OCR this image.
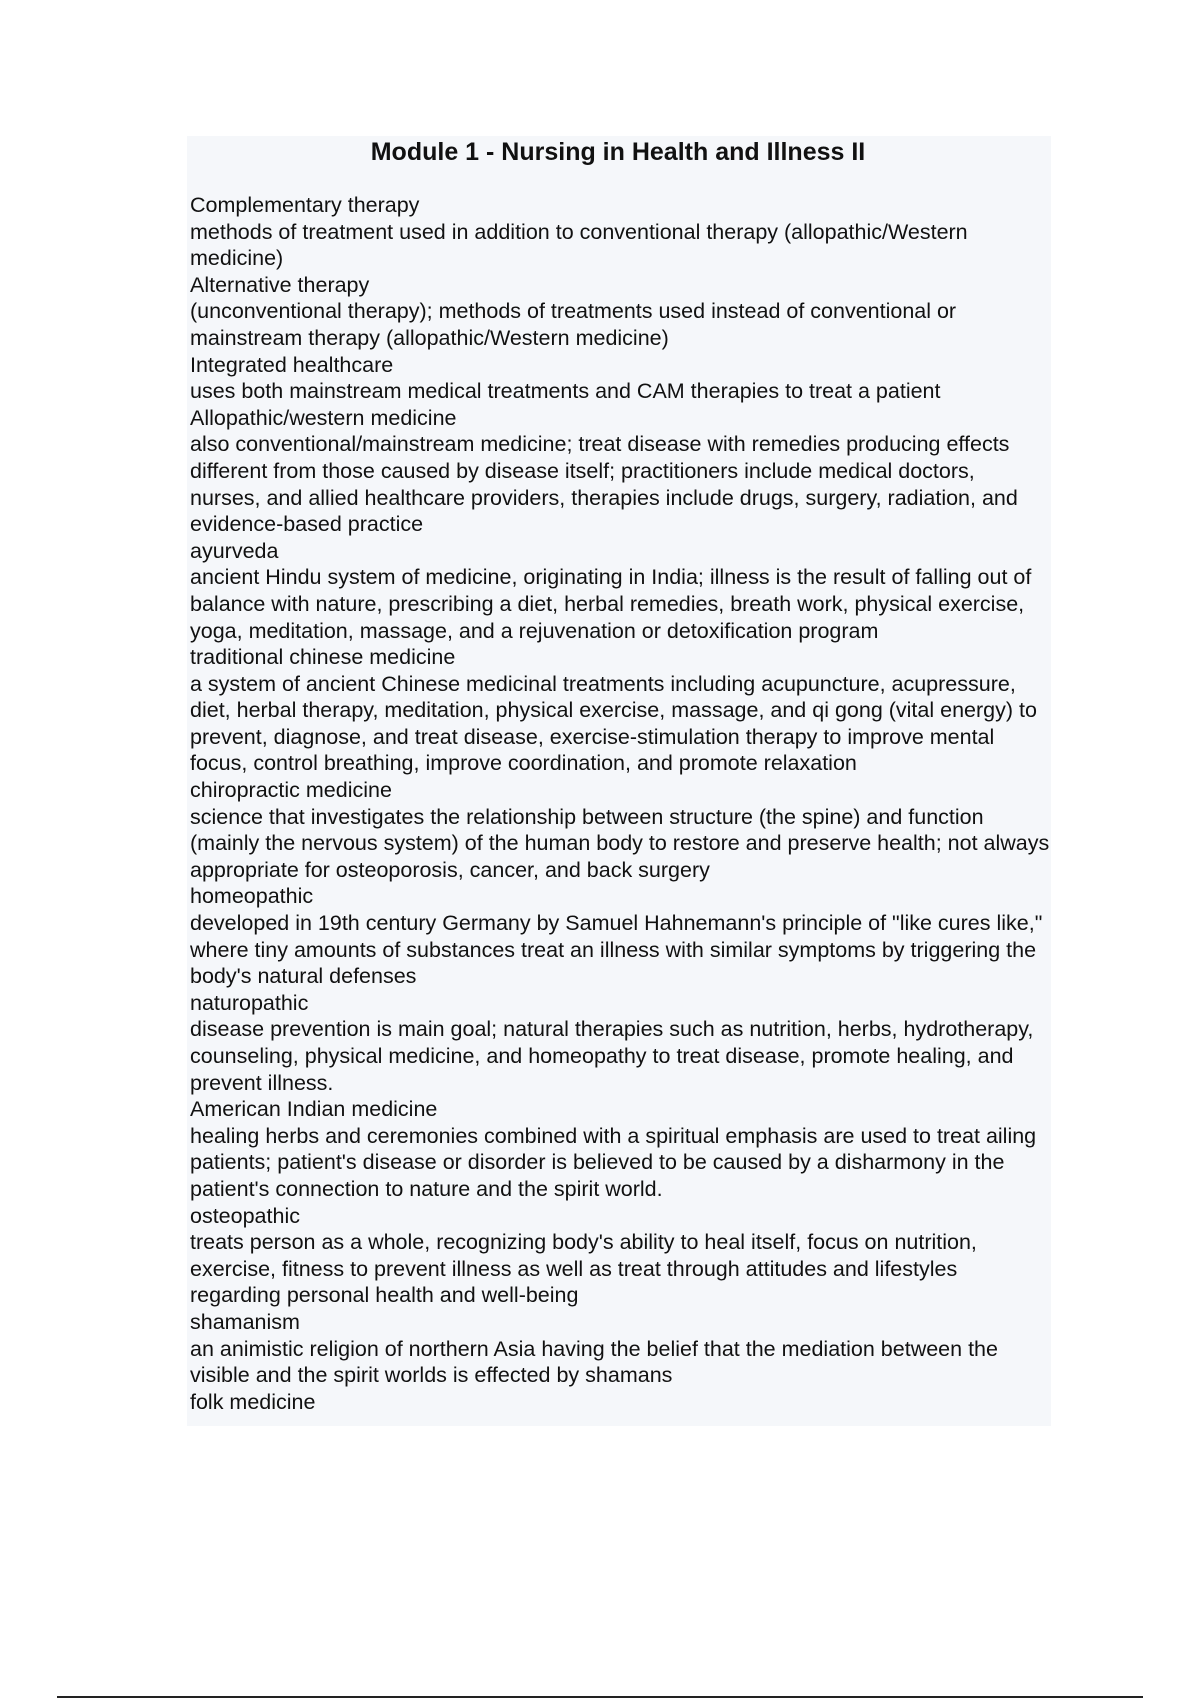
Module 1 - Nursing in Health and Illness II
Complementary therapy
methods of treatment used in addition to conventional therapy (allopathic/Western medicine)
Alternative therapy
(unconventional therapy); methods of treatments used instead of conventional or mainstream therapy (allopathic/Western medicine)
Integrated healthcare
uses both mainstream medical treatments and CAM therapies to treat a patient
Allopathic/western medicine
also conventional/mainstream medicine; treat disease with remedies producing effects different from those caused by disease itself; practitioners include medical doctors, nurses, and allied healthcare providers, therapies include drugs, surgery, radiation, and evidence-based practice
ayurveda
ancient Hindu system of medicine, originating in India; illness is the result of falling out of balance with nature, prescribing a diet, herbal remedies, breath work, physical exercise, yoga, meditation, massage, and a rejuvenation or detoxification program
traditional chinese medicine
a system of ancient Chinese medicinal treatments including acupuncture, acupressure, diet, herbal therapy, meditation, physical exercise, massage, and qi gong (vital energy) to prevent, diagnose, and treat disease, exercise-stimulation therapy to improve mental focus, control breathing, improve coordination, and promote relaxation
chiropractic medicine
science that investigates the relationship between structure (the spine) and function (mainly the nervous system) of the human body to restore and preserve health; not always appropriate for osteoporosis, cancer, and back surgery
homeopathic
developed in 19th century Germany by Samuel Hahnemann's principle of "like cures like," where tiny amounts of substances treat an illness with similar symptoms by triggering the body's natural defenses
naturopathic
disease prevention is main goal; natural therapies such as nutrition, herbs, hydrotherapy, counseling, physical medicine, and homeopathy to treat disease, promote healing, and prevent illness.
American Indian medicine
healing herbs and ceremonies combined with a spiritual emphasis are used to treat ailing patients; patient's disease or disorder is believed to be caused by a disharmony in the patient's connection to nature and the spirit world.
osteopathic
treats person as a whole, recognizing body's ability to heal itself, focus on nutrition, exercise, fitness to prevent illness as well as treat through attitudes and lifestyles regarding personal health and well-being
shamanism
an animistic religion of northern Asia having the belief that the mediation between the visible and the spirit worlds is effected by shamans
folk medicine
